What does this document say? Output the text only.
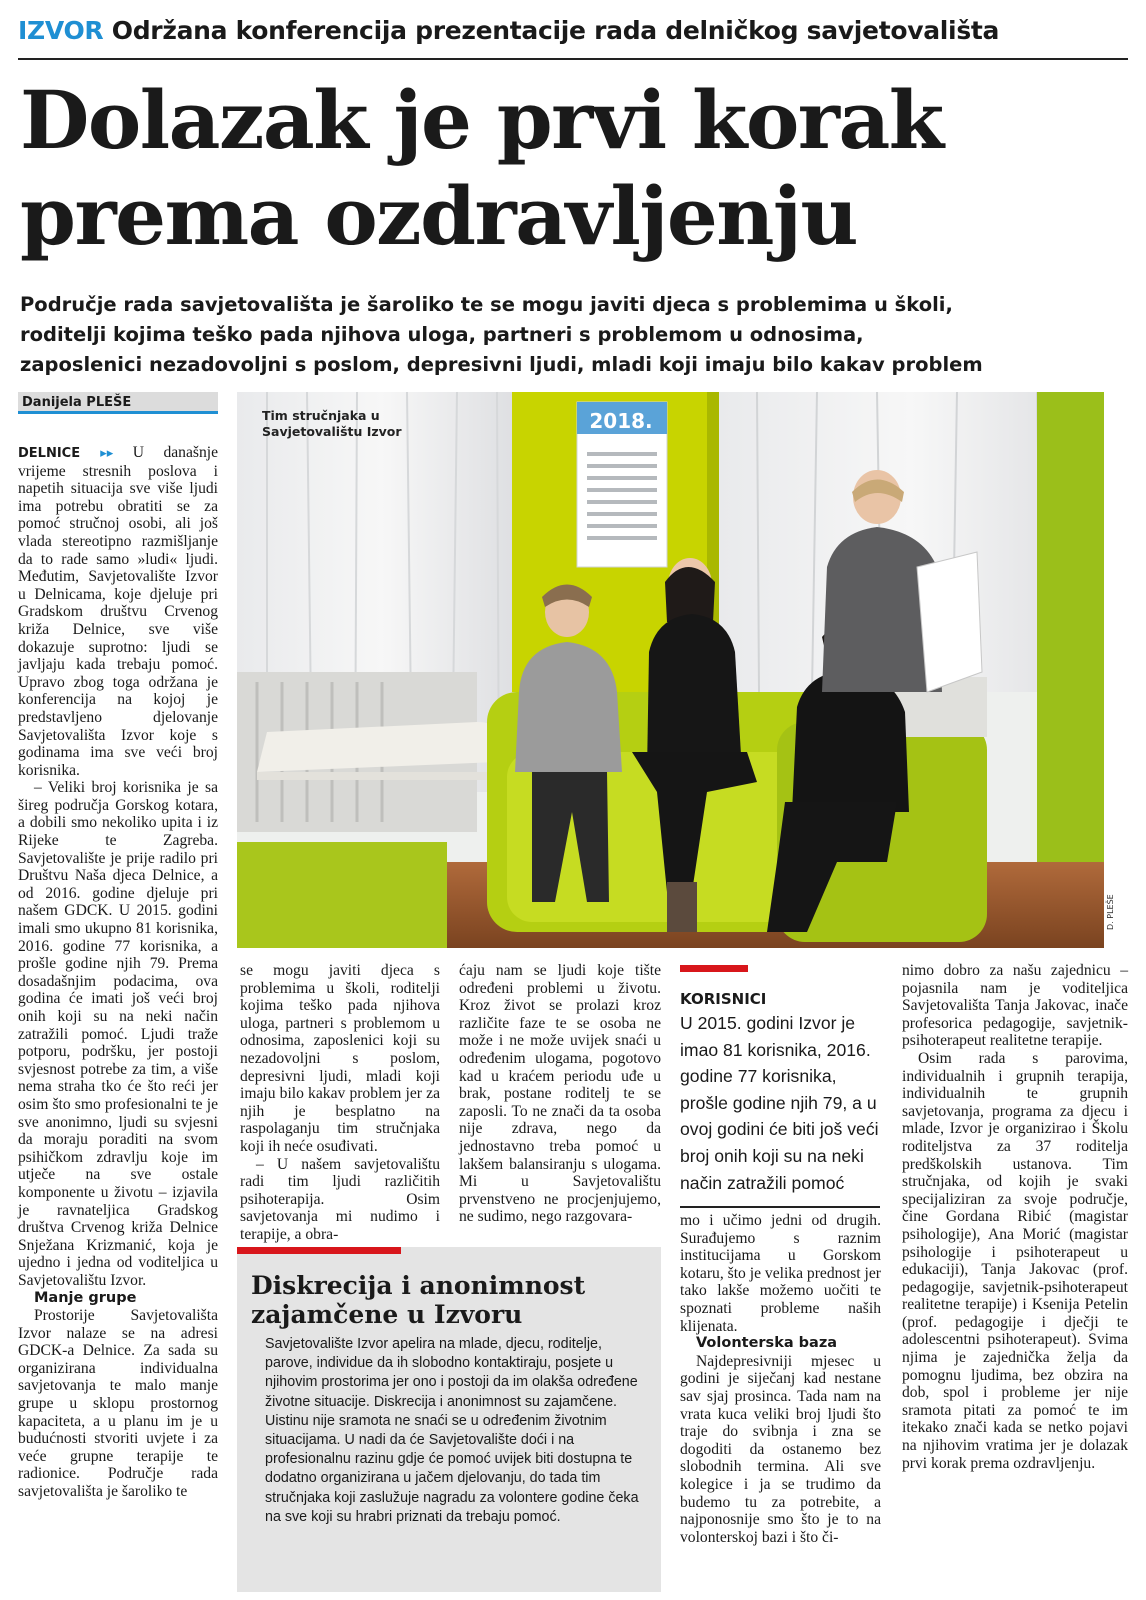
IZVOR Održana konferencija prezentacije rada delničkog savjetovališta
Dolazak je prvi korak
prema ozdravljenju
Područje rada savjetovališta je šaroliko te se mogu javiti djeca s problemima u školi,
roditelji kojima teško pada njihova uloga, partneri s problemom u odnosima,
zaposlenici nezadovoljni s poslom, depresivni ljudi, mladi koji imaju bilo kakav problem
Danijela PLEŠE

DELNICE ▸▸ U današnje vrijeme stresnih poslova i napetih situacija sve više ljudi ima potrebu obratiti se za pomoć stručnoj osobi, ali još vlada stereotipno razmišljanje da to rade samo »ludi« ljudi. Međutim, Savjetovalište Izvor u Delnicama, koje djeluje pri Gradskom društvu Crvenog križa Delnice, sve više dokazuje suprotno: ljudi se javljaju kada trebaju pomoć. Upravo zbog toga održana je konferencija na kojoj je predstavljeno djelovanje Savjetovališta Izvor koje s godinama ima sve veći broj korisnika.

– Veliki broj korisnika je sa šireg područja Gorskog kotara, a dobili smo nekoliko upita i iz Rijeke te Zagreba. Savjetovalište je prije radilo pri Društvu Naša djeca Delnice, a od 2016. godine djeluje pri našem GDCK. U 2015. godini imali smo ukupno 81 korisnika, 2016. godine 77 korisnika, a prošle godine njih 79. Prema dosadašnjim podacima, ova godina će imati još veći broj onih koji su na neki način zatražili pomoć. Ljudi traže potporu, podršku, jer postoji svjesnost potrebe za tim, a više nema straha tko će što reći jer osim što smo profesionalni te je sve anonimno, ljudi su svjesni da moraju poraditi na svom psihičkom zdravlju koje im utječe na sve ostale komponente u životu – izjavila je ravnateljica Gradskog društva Crvenog križa Delnice Snježana Krizmanić, koja je ujedno i jedna od voditeljica u Savjetovalištu Izvor.

Manje grupe

Prostorije Savjetovališta Izvor nalaze se na adresi GDCK-a Delnice. Za sada su organizirana individualna savjetovanja te malo manje grupe u sklopu prostornog kapaciteta, a u planu im je u budućnosti stvoriti uvjete i za veće grupne terapije te radionice. Područje rada savjetovališta je šaroliko te

2018.
Tim stručnjaka u
Savjetovalištu Izvor
D. PLEŠE

se mogu javiti djeca s problemima u školi, roditelji kojima teško pada njihova uloga, partneri s problemom u odnosima, zaposlenici koji su nezadovoljni s poslom, depresivni ljudi, mladi koji imaju bilo kakav problem jer za njih je besplatno na raspolaganju tim stručnjaka koji ih neće osuđivati.

– U našem savjetovalištu radi tim ljudi različitih psihoterapija. Osim savjetovanja mi nudimo i terapije, a obra-

ćaju nam se ljudi koje tište određeni problemi u životu. Kroz život se prolazi kroz različite faze te se osoba ne može i ne može uvijek snaći u određenim ulogama, pogotovo kad u kraćem periodu uđe u brak, postane roditelj te se zaposli. To ne znači da ta osoba nije zdrava, nego da jednostavno treba pomoć u lakšem balansiranju s ulogama. Mi u Savjetovalištu prvenstveno ne procjenjujemo, ne sudimo, nego razgovara-

KORISNICI
U 2015. godini Izvor je imao 81 korisnika, 2016. godine 77 korisnika, prošle godine njih 79, a u ovoj godini će biti još veći broj onih koji su na neki način zatražili pomoć

mo i učimo jedni od drugih. Surađujemo s raznim institucijama u Gorskom kotaru, što je velika prednost jer tako lakše možemo uočiti te spoznati probleme naših klijenata.

Volonterska baza

Najdepresivniji mjesec u godini je siječanj kad nestane sav sjaj prosinca. Tada nam na vrata kuca veliki broj ljudi što traje do svibnja i zna se dogoditi da ostanemo bez slobodnih termina. Ali sve kolegice i ja se trudimo da budemo tu za potrebite, a najponosnije smo što je to na volonterskoj bazi i što či-

nimo dobro za našu zajednicu – pojasnila nam je voditeljica Savjetovališta Tanja Jakovac, inače profesorica pedagogije, savjetnik-psihoterapeut realitetne terapije.

Osim rada s parovima, individualnih i grupnih terapija, individualnih te grupnih savjetovanja, programa za djecu i mlade, Izvor je organizirao i Školu roditeljstva za 37 roditelja predškolskih ustanova. Tim stručnjaka, od kojih je svaki specijaliziran za svoje područje, čine Gordana Ribić (magistar psihologije), Ana Morić (magistar psihologije i psihoterapeut u edukaciji), Tanja Jakovac (prof. pedagogije, savjetnik-psihoterapeut realitetne terapije) i Ksenija Petelin (prof. pedagogije i dječji te adolescentni psihoterapeut). Svima njima je zajednička želja da pomognu ljudima, bez obzira na dob, spol i probleme jer nije sramota pitati za pomoć te im itekako znači kada se netko pojavi na njihovim vratima jer je dolazak prvi korak prema ozdravljenju.

Diskrecija i anonimnost zajamčene u Izvoru
Savjetovalište Izvor apelira na mlade, djecu, roditelje, parove, individue da ih slobodno kontaktiraju, posjete u njihovim prostorima jer ono i postoji da im olakša određene životne situacije. Diskrecija i anonimnost su zajamčene. Uistinu nije sramota ne snaći se u određenim životnim situacijama. U nadi da će Savjetovalište doći i na profesionalnu razinu gdje će pomoć uvijek biti dostupna te dodatno organizirana u jačem djelovanju, do tada tim stručnjaka koji zaslužuje nagradu za volontere godine čeka na sve koji su hrabri priznati da trebaju pomoć.
